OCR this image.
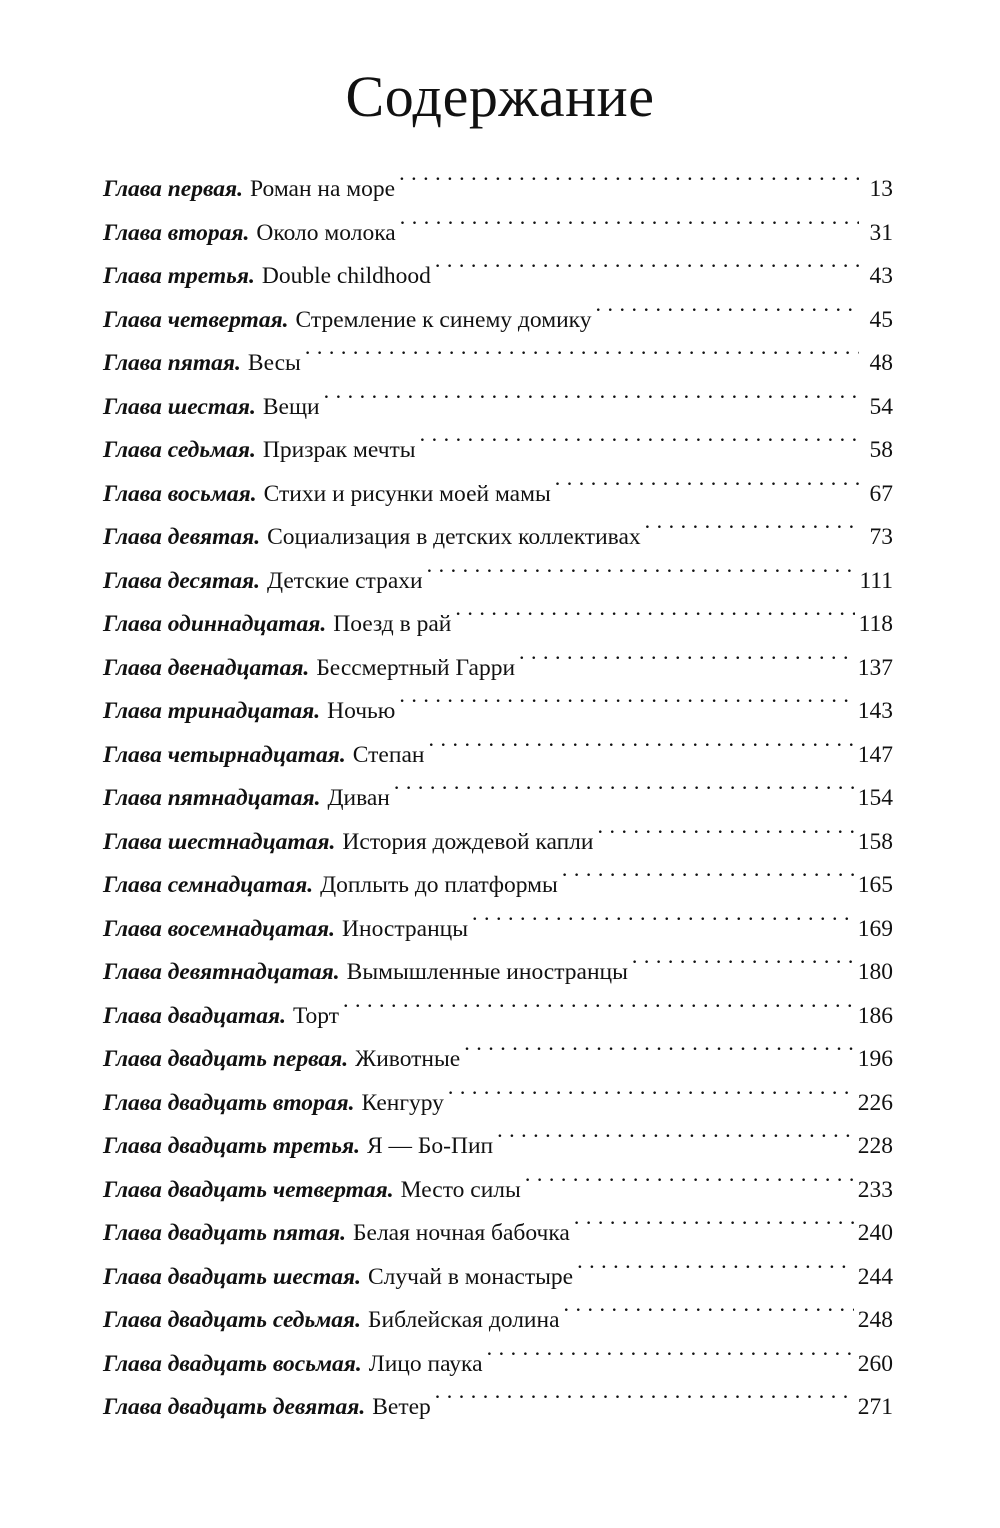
Содержание
Глава первая. Роман на море . . .	13
Глава вторая. Около молока . . .	31
Глава третья. Double childhood . . .	43
Глава четвертая. Стремление к синему домику . . .	45
Глава пятая. Весы . . .	48
Глава шестая. Вещи . . .	54
Глава седьмая. Призрак мечты . . .	58
Глава восьмая. Стихи и рисунки моей мамы . . .	67
Глава девятая. Социализация в детских коллективах . . .	73
Глава десятая. Детские страхи . . .	111
Глава одиннадцатая. Поезд в рай . . .	118
Глава двенадцатая. Бессмертный Гарри . . .	137
Глава тринадцатая. Ночью . . .	143
Глава четырнадцатая. Степан . . .	147
Глава пятнадцатая. Диван . . .	154
Глава шестнадцатая. История дождевой капли . . .	158
Глава семнадцатая. Доплыть до платформы . . .	165
Глава восемнадцатая. Иностранцы . . .	169
Глава девятнадцатая. Вымышленные иностранцы . . .	180
Глава двадцатая. Торт . . .	186
Глава двадцать первая. Животные . . .	196
Глава двадцать вторая. Кенгуру . . .	226
Глава двадцать третья. Я — Бо-Пип . . .	228
Глава двадцать четвертая. Место силы . . .	233
Глава двадцать пятая. Белая ночная бабочка . . .	240
Глава двадцать шестая. Случай в монастыре . . .	244
Глава двадцать седьмая. Библейская долина . . .	248
Глава двадцать восьмая. Лицо паука . . .	260
Глава двадцать девятая. Ветер . . .	271
